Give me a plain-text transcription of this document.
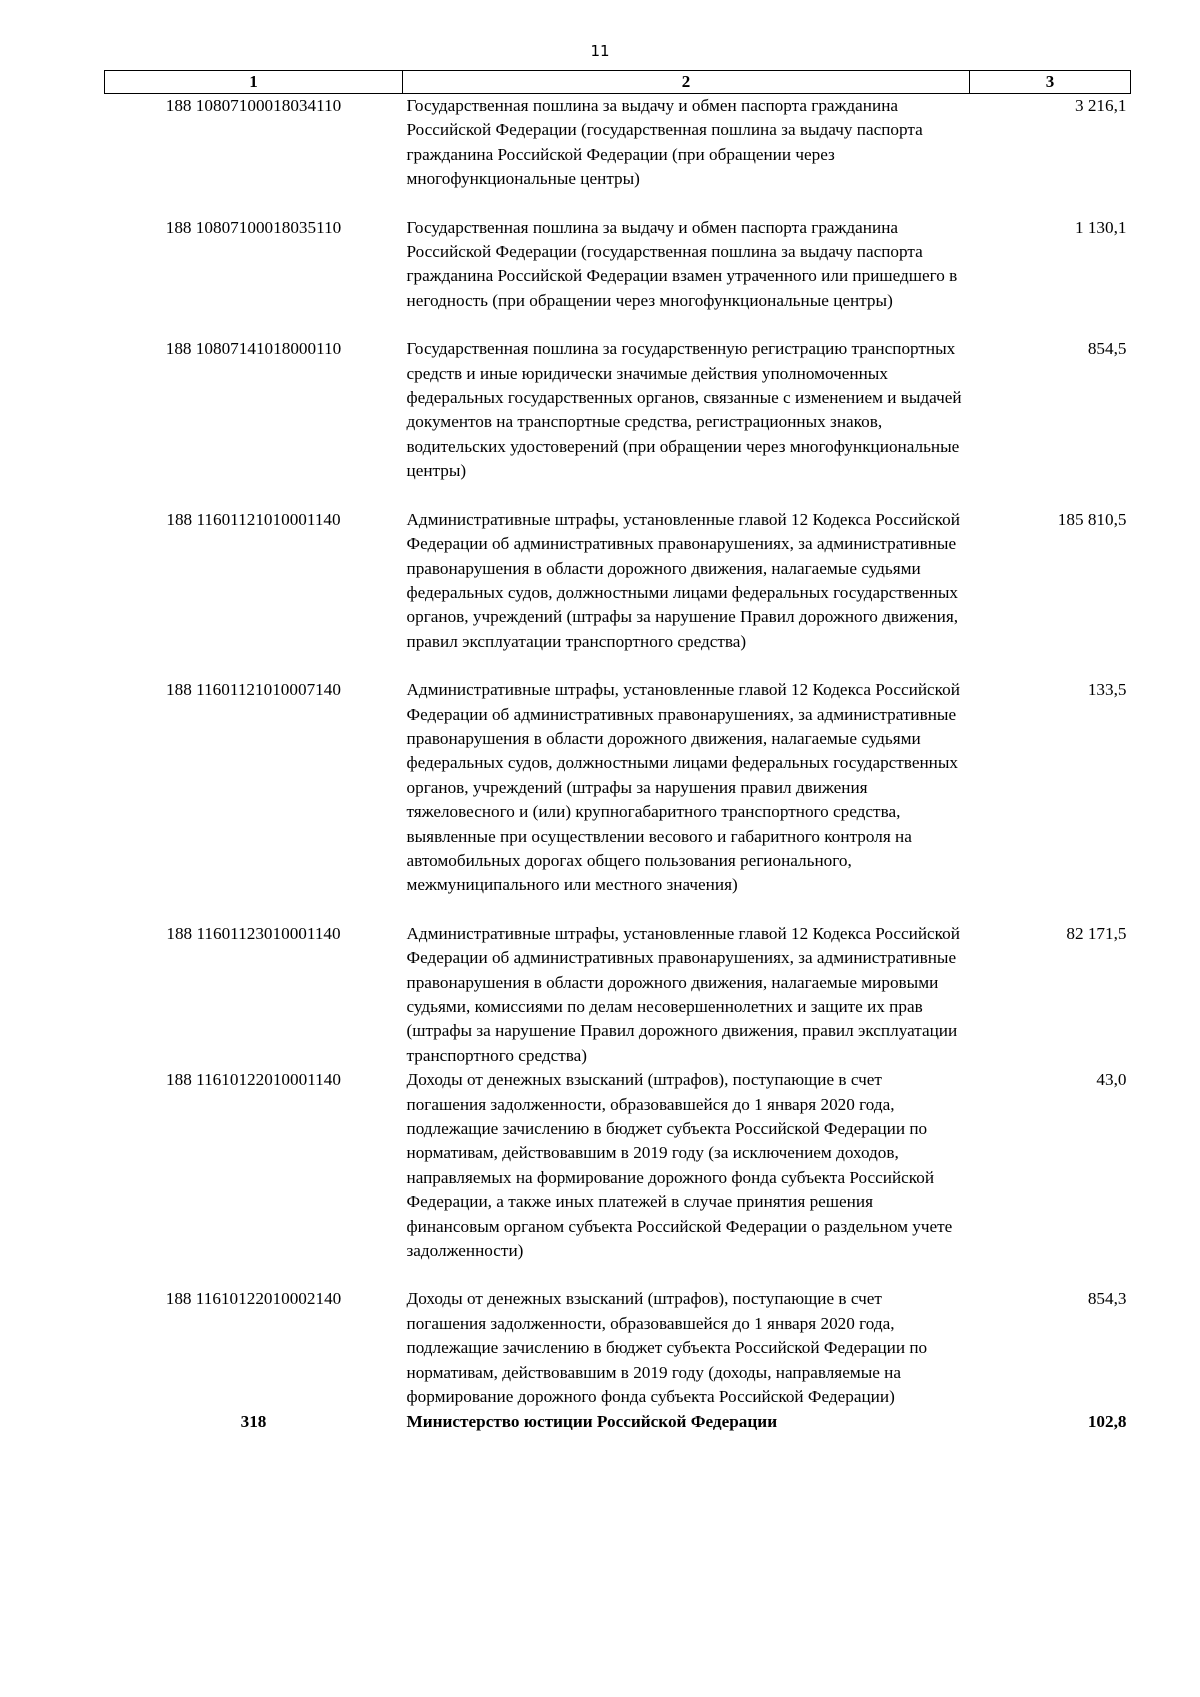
11
1	2	3
188 10807100018034110	Государственная пошлина за выдачу и обмен паспорта гражданина Российской Федерации (государственная пошлина за выдачу паспорта гражданина Российской Федерации (при обращении через многофункциональные центры)	3 216,1
188 10807100018035110	Государственная пошлина за выдачу и обмен паспорта гражданина Российской Федерации (государственная пошлина за выдачу паспорта гражданина Российской Федерации взамен утраченного или пришедшего в негодность (при обращении через многофункциональные центры)	1 130,1
188 10807141018000110	Государственная пошлина за государственную регистрацию транспортных средств и иные юридически значимые действия уполномоченных федеральных государственных органов, связанные с изменением и выдачей документов на транспортные средства, регистрационных знаков, водительских удостоверений (при обращении через многофункциональные центры)	854,5
188 11601121010001140	Административные штрафы, установленные главой 12 Кодекса Российской Федерации об административных правонарушениях, за административные правонарушения в области дорожного движения, налагаемые судьями федеральных судов, должностными лицами федеральных государственных органов, учреждений (штрафы за нарушение Правил дорожного движения, правил эксплуатации транспортного средства)	185 810,5
188 11601121010007140	Административные штрафы, установленные главой 12 Кодекса Российской Федерации об административных правонарушениях, за административные правонарушения в области дорожного движения, налагаемые судьями федеральных судов, должностными лицами федеральных государственных органов, учреждений (штрафы за нарушения правил движения тяжеловесного и (или) крупногабаритного транспортного средства, выявленные при осуществлении весового и габаритного контроля на автомобильных дорогах общего пользования регионального, межмуниципального или местного значения)	133,5
188 11601123010001140	Административные штрафы, установленные главой 12 Кодекса Российской Федерации об административных правонарушениях, за административные правонарушения в области дорожного движения, налагаемые мировыми судьями, комиссиями по делам несовершеннолетних и защите их прав (штрафы за нарушение Правил дорожного движения, правил эксплуатации транспортного средства)	82 171,5
188 11610122010001140	Доходы от денежных взысканий (штрафов), поступающие в счет погашения задолженности, образовавшейся до 1 января 2020 года, подлежащие зачислению в бюджет субъекта Российской Федерации по нормативам, действовавшим в 2019 году (за исключением доходов, направляемых на формирование дорожного фонда субъекта Российской Федерации, а также иных платежей в случае принятия решения финансовым органом субъекта Российской Федерации о раздельном учете задолженности)	43,0
188 11610122010002140	Доходы от денежных взысканий (штрафов), поступающие в счет погашения задолженности, образовавшейся до 1 января 2020 года, подлежащие зачислению в бюджет субъекта Российской Федерации по нормативам, действовавшим в 2019 году (доходы, направляемые на формирование дорожного фонда субъекта Российской Федерации)	854,3
318	Министерство юстиции Российской Федерации	102,8
